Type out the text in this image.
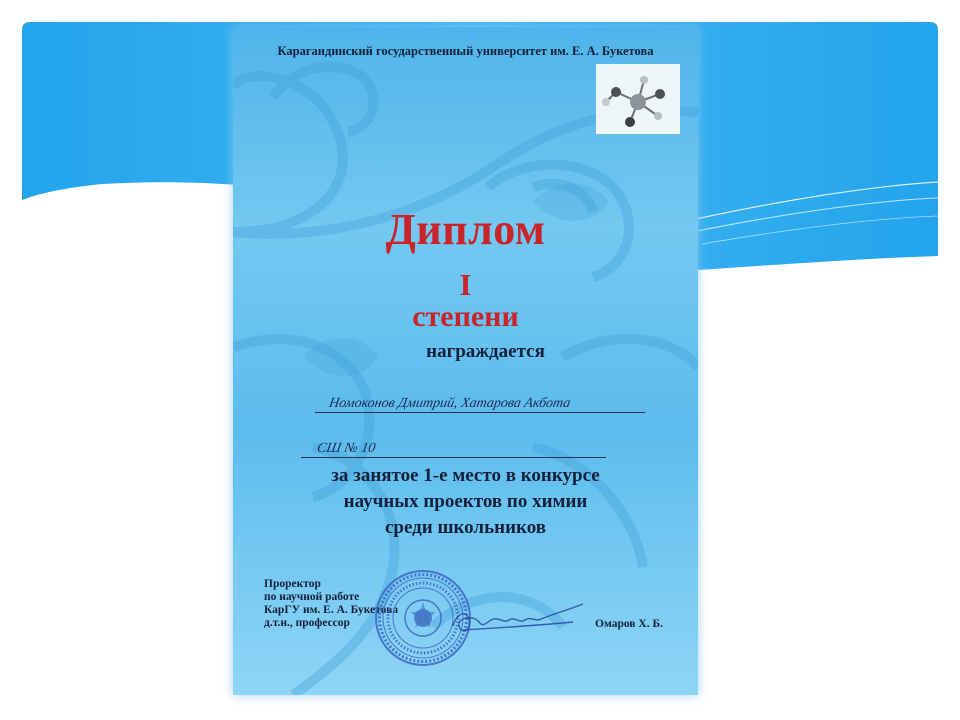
Карагандинский государственный университет им. Е. А. Букетова

Диплом

I

степени

награждается

Номоконов Дмитрий, Хатарова Акбота
СШ № 10
за занятое 1-е место в конкурсе
научных проектов по химии
среди школьников
Проректор
по научной работе
КарГУ им. Е. А. Букетова
д.т.н., профессор	Омаров Х. Б.
